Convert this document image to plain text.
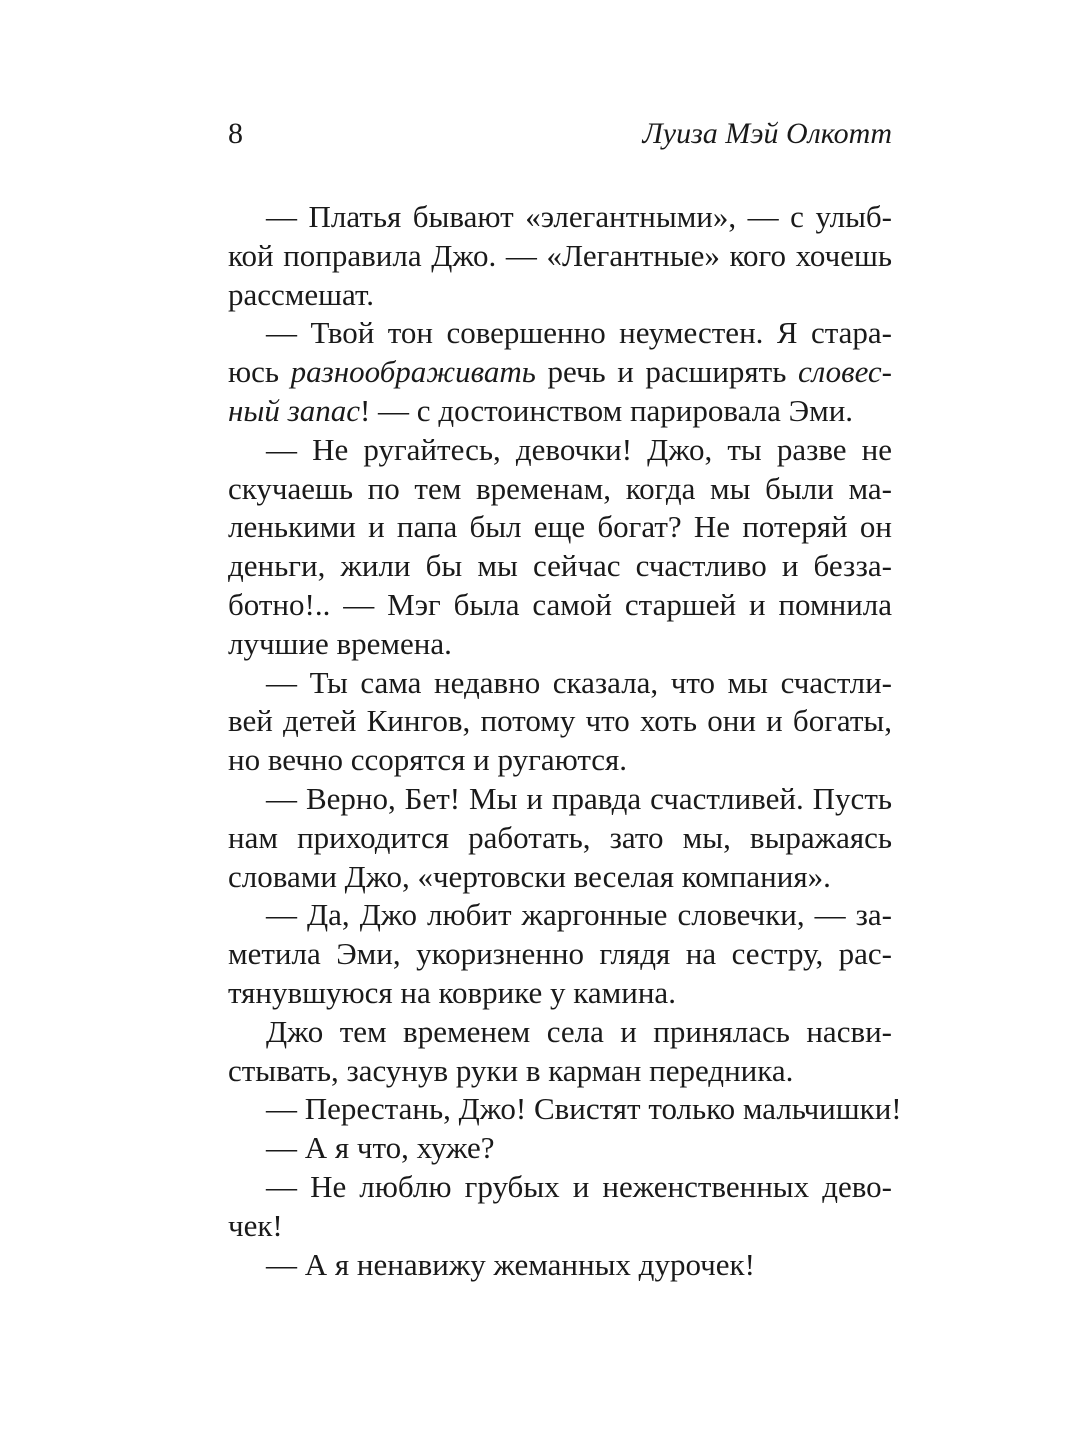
8	Луиза Мэй Олкотт
— Платья бывают «элегантными», — с улыб-
кой поправила Джо. — «Легантные» кого хочешь
рассмешат.
— Твой тон совершенно неуместен. Я стара-
юсь разноображивать речь и расширять словес-
ный запас! — с достоинством парировала Эми.
— Не ругайтесь, девочки! Джо, ты разве не
скучаешь по тем временам, когда мы были ма-
ленькими и папа был еще богат? Не потеряй он
деньги, жили бы мы сейчас счастливо и безза-
ботно!.. — Мэг была самой старшей и помнила
лучшие времена.
— Ты сама недавно сказала, что мы счастли-
вей детей Кингов, потому что хоть они и богаты,
но вечно ссорятся и ругаются.
— Верно, Бет! Мы и правда счастливей. Пусть
нам приходится работать, зато мы, выражаясь
словами Джо, «чертовски веселая компания».
— Да, Джо любит жаргонные словечки, — за-
метила Эми, укоризненно глядя на сестру, рас-
тянувшуюся на коврике у камина.
Джо тем временем села и принялась насви-
стывать, засунув руки в карман передника.
— Перестань, Джо! Свистят только мальчишки!
— А я что, хуже?
— Не люблю грубых и неженственных дево-
чек!
— А я ненавижу жеманных дурочек!
